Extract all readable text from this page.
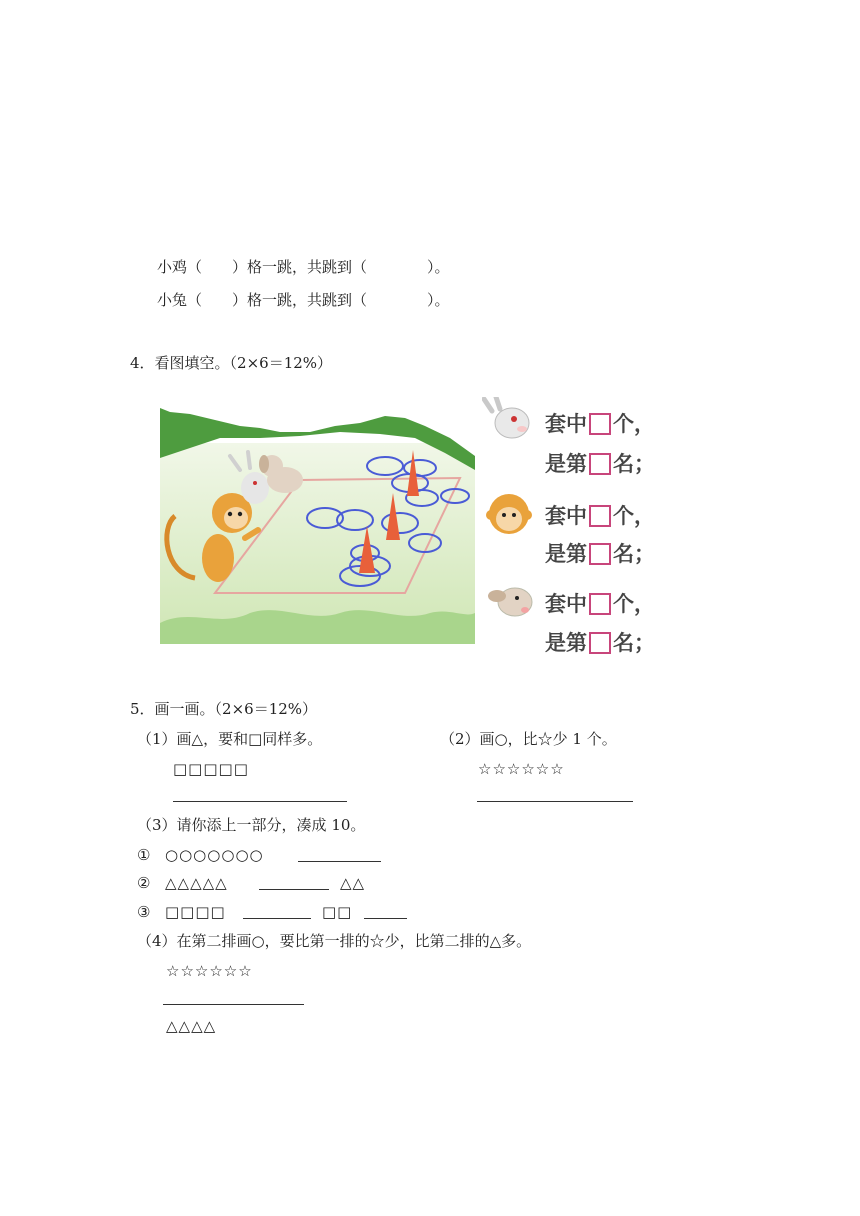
小鸡（　　）格一跳，共跳到（　　　　）。
小兔（　　）格一跳，共跳到（　　　　）。
4．看图填空。（2×6＝12%）
套中 个，
是第 名；
套中 个，
是第 名；
套中 个，
是第 名；
5．画一画。（2×6＝12%）
（1）画△，要和□同样多。
□□□□□
（2）画○，比☆少 1 个。
☆☆☆☆☆☆
（3）请你添上一部分，凑成 10。
① ○○○○○○○
② △△△△△	△△
③ □□□□	□□
（4）在第二排画○，要比第一排的☆少，比第二排的△多。
☆☆☆☆☆☆
△△△△
